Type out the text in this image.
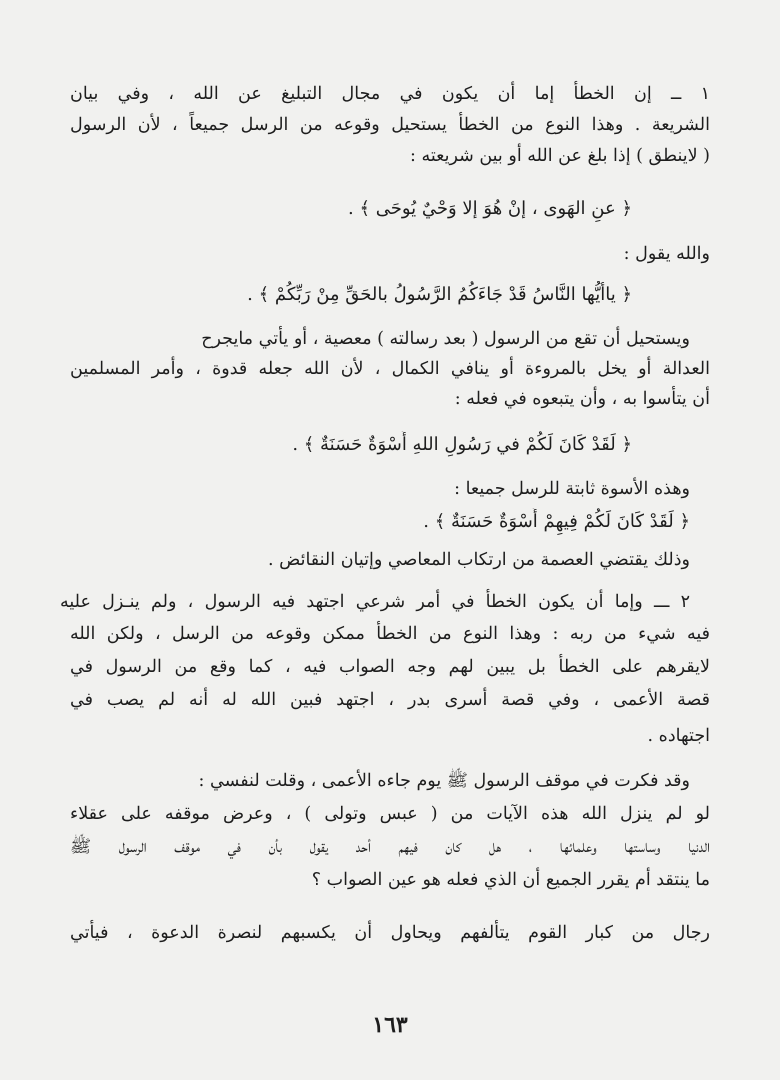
١ ــ إن الخطأ إما أن يكون في مجال التبليغ عن الله ، وفي بيان
الشريعة . وهذا النوع من الخطأ يستحيل وقوعه من الرسل جميعاً ، لأن الرسول
( لاينطق ) إذا بلغ عن الله أو بين شريعته :
﴿ عنِ الهَوى ، إنْ هُوَ إلا وَحْيٌ يُوحَى ﴾ .
والله يقول :
﴿ ياأيُّها النَّاسُ قَدْ جَاءَكُمُ الرَّسُولُ بالحَقِّ مِنْ رَبِّكُمْ ﴾ .
ويستحيل أن تقع من الرسول ( بعد رسالته ) معصية ، أو يأتي مايجرح
العدالة أو يخل بالمروءة أو ينافي الكمال ، لأن الله جعله قدوة ، وأمر المسلمين
أن يتأسوا به ، وأن يتبعوه في فعله :
﴿ لَقَدْ كَانَ لَكُمْ في رَسُولِ اللهِ أُسْوَةٌ حَسَنَةٌ ﴾ .
وهذه الأسوة ثابتة للرسل جميعا :
﴿ لَقَدْ كَانَ لَكُمْ فِيهِمْ أُسْوَةٌ حَسَنَةٌ ﴾ .
وذلك يقتضي العصمة من ارتكاب المعاصي وإتيان النقائض .
٢ ـــ وإما أن يكون الخطأ في أمر شرعي اجتهد فيه الرسول ، ولم ينـزل عليه
فيه شيء من ربه : وهذا النوع من الخطأ ممكن وقوعه من الرسل ، ولكن الله
لايقرهم على الخطأ بل يبين لهم وجه الصواب فيه ، كما وقع من الرسول في
قصة الأعمى ، وفي قصة أسرى بدر ، اجتهد فبين الله له أنه لم يصب في
اجتهاده .
وقد فكرت في موقف الرسول ﷺ يوم جاءه الأعمى ، وقلت لنفسي :
لو لم ينزل الله هذه الآيات من ( عبس وتولى ) ، وعرض موقفه على عقلاء
الدنيا وساستها وعلمائها ، هل كان فيهم أحد يقول بأن في موقف الرسول ﷺ
ما ينتقد أم يقرر الجميع أن الذي فعله هو عين الصواب ؟
رجال من كبار القوم يتألفهم ويحاول أن يكسبهم لنصرة الدعوة ، فيأتي
١٦٣
